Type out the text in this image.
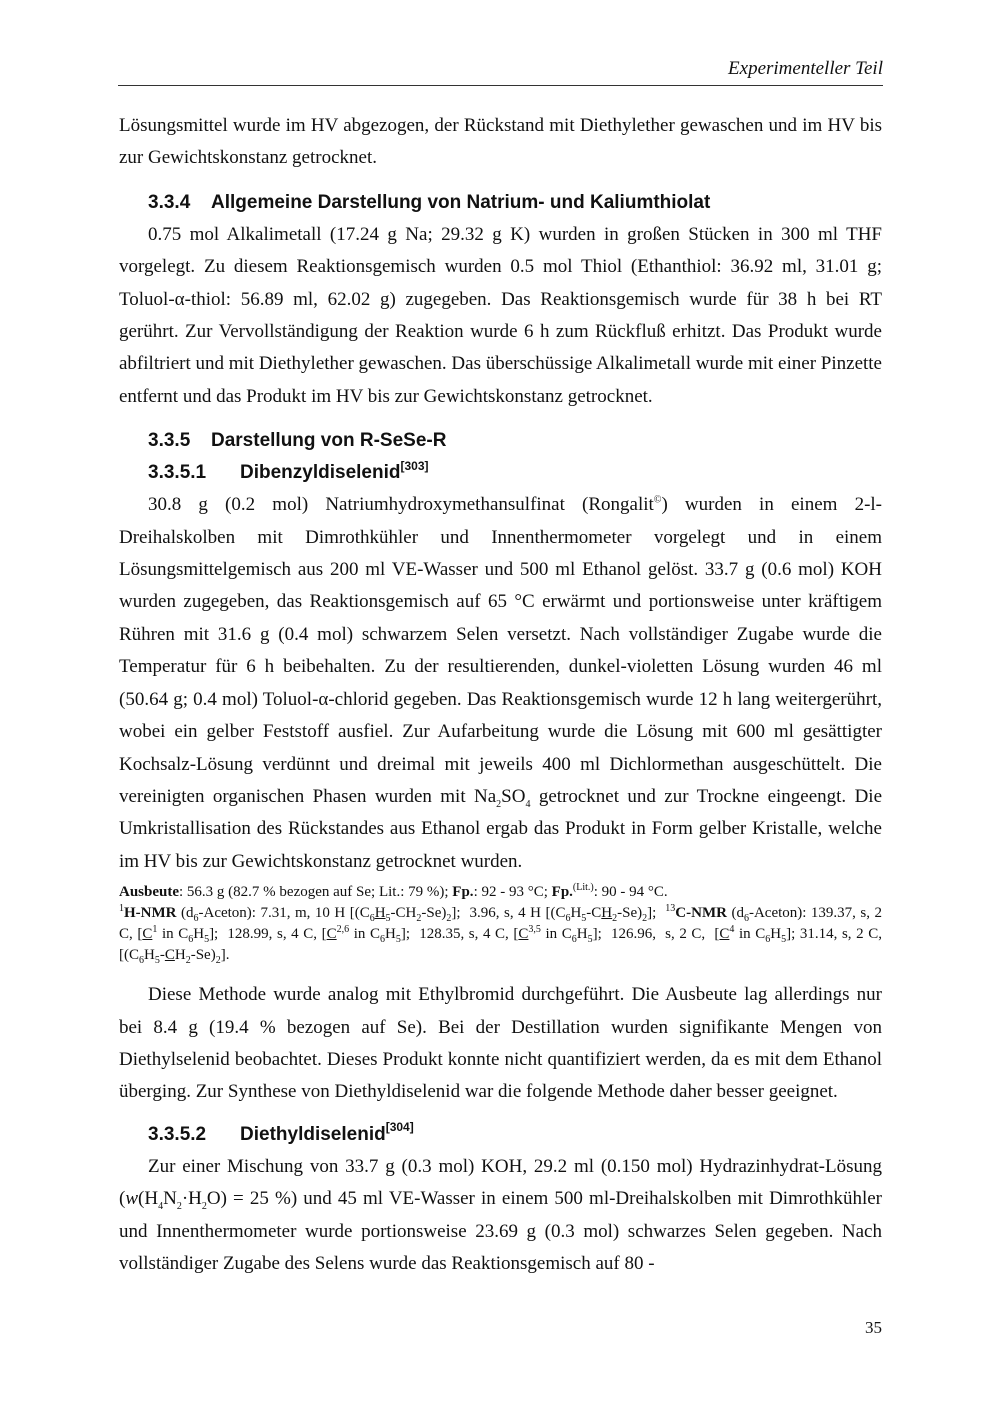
Experimenteller Teil

Lösungsmittel wurde im HV abgezogen, der Rückstand mit Diethylether gewaschen und im HV bis zur Gewichtskonstanz getrocknet.

3.3.4 Allgemeine Darstellung von Natrium- und Kaliumthiolat

0.75 mol Alkalimetall (17.24 g Na; 29.32 g K) wurden in großen Stücken in 300 ml THF vorgelegt. Zu diesem Reaktionsgemisch wurden 0.5 mol Thiol (Ethanthiol: 36.92 ml, 31.01 g; Toluol-α-thiol: 56.89 ml, 62.02 g) zugegeben. Das Reaktionsgemisch wurde für 38 h bei RT gerührt. Zur Vervollständigung der Reaktion wurde 6 h zum Rückfluß erhitzt. Das Produkt wurde abfiltriert und mit Diethylether gewaschen. Das überschüssige Alkalimetall wurde mit einer Pinzette entfernt und das Produkt im HV bis zur Gewichtskonstanz getrocknet.

3.3.5 Darstellung von R-SeSe-R
3.3.5.1 Dibenzyldiselenid[303]

30.8 g (0.2 mol) Natriumhydroxymethansulfinat (Rongalit©) wurden in einem 2-l-Dreihalskolben mit Dimrothkühler und Innenthermometer vorgelegt und in einem Lösungsmittelgemisch aus 200 ml VE-Wasser und 500 ml Ethanol gelöst. 33.7 g (0.6 mol) KOH wurden zugegeben, das Reaktionsgemisch auf 65 °C erwärmt und portionsweise unter kräftigem Rühren mit 31.6 g (0.4 mol) schwarzem Selen versetzt. Nach vollständiger Zugabe wurde die Temperatur für 6 h beibehalten. Zu der resultierenden, dunkel-violetten Lösung wurden 46 ml (50.64 g; 0.4 mol) Toluol-α-chlorid gegeben. Das Reaktionsgemisch wurde 12 h lang weitergerührt, wobei ein gelber Feststoff ausfiel. Zur Aufarbeitung wurde die Lösung mit 600 ml gesättigter Kochsalz-Lösung verdünnt und dreimal mit jeweils 400 ml Dichlormethan ausgeschüttelt. Die vereinigten organischen Phasen wurden mit $Na_2SO_4$ getrocknet und zur Trockne eingeengt. Die Umkristallisation des Rückstandes aus Ethanol ergab das Produkt in Form gelber Kristalle, welche im HV bis zur Gewichtskonstanz getrocknet wurden.

Ausbeute: 56.3 g (82.7 % bezogen auf Se; Lit.: 79 %); Fp.: 92 - 93 °C; Fp.$^{(Lit.)}$: 90 - 94 °C.

$^1$H-NMR $(d_6-Aceton)$: 7.31, m, 10 H $[(C_6H_5-CH_2-Se)_2]$;  3.96, s, 4 H $[(C_6H_5-CH_2-Se)_2]$;  $^{13}$C-NMR $(d_6-Aceton)$: 139.37, s, 2 C, [$C^1$ in $C_6H_5$];  128.99, s, 4 C, [$C^{2,6}$ in $C_6H_5$];  128.35, s, 4 C, [$C^{3,5}$ in $C_6H_5$];  126.96,  s, 2 C,  [$C^4$ in $C_6H_5$]; 31.14, s, 2 C, $[(C_6H_5-CH_2-Se)_2]$.

Diese Methode wurde analog mit Ethylbromid durchgeführt. Die Ausbeute lag allerdings nur bei 8.4 g (19.4 % bezogen auf Se). Bei der Destillation wurden signifikante Mengen von Diethylselenid beobachtet. Dieses Produkt konnte nicht quantifiziert werden, da es mit dem Ethanol überging. Zur Synthese von Diethyldiselenid war die folgende Methode daher besser geeignet.

3.3.5.2 Diethyldiselenid[304]

Zur einer Mischung von 33.7 g (0.3 mol) KOH, 29.2 ml (0.150 mol) Hydrazinhydrat-Lösung ($w(H_4N_2\cdot H_2O) = 25$ %) und 45 ml VE-Wasser in einem 500 ml-Dreihalskolben mit Dimrothkühler und Innenthermometer wurde portionsweise 23.69 g (0.3 mol) schwarzes Selen gegeben. Nach vollständiger Zugabe des Selens wurde das Reaktionsgemisch auf 80 -

35
